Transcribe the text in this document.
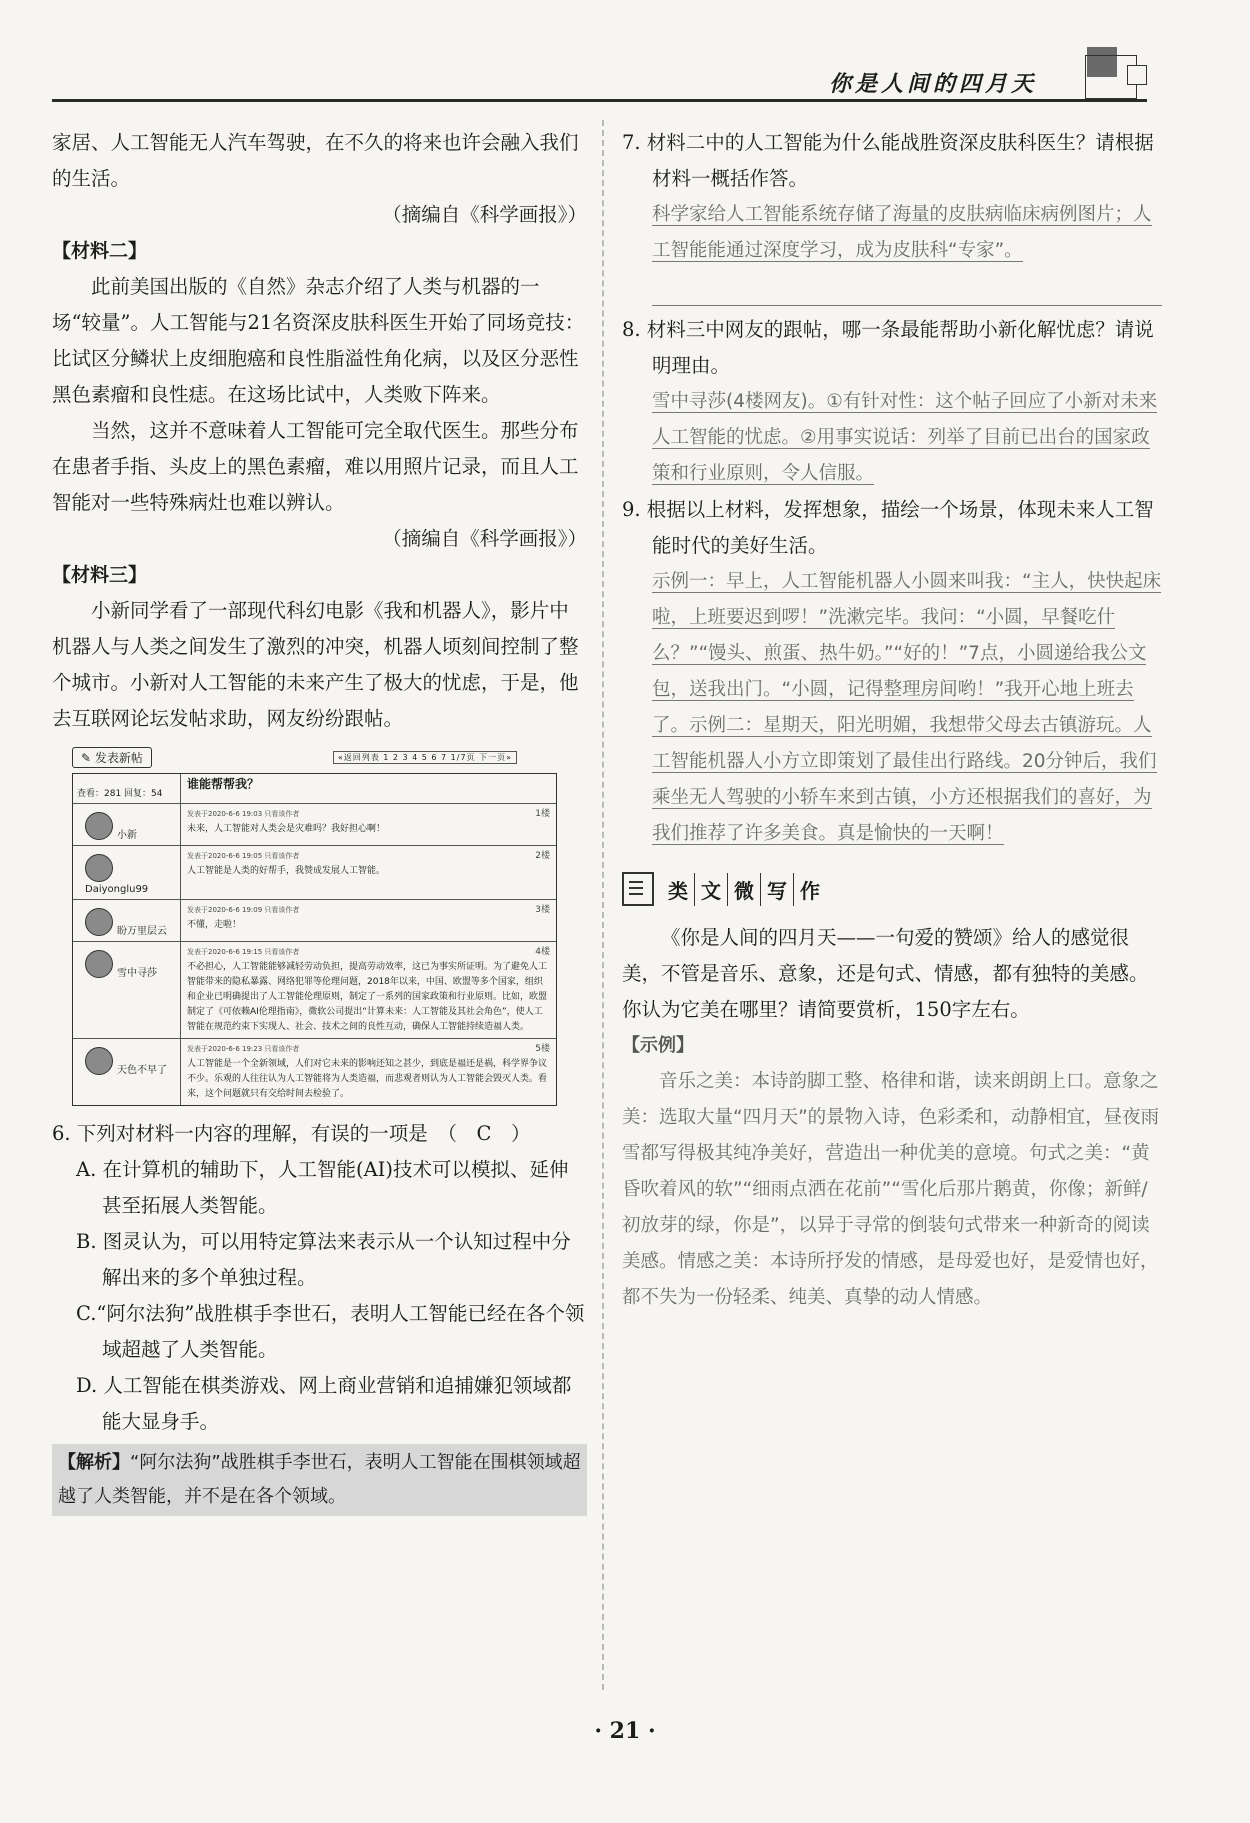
你是人间的四月天

家居、人工智能无人汽车驾驶，在不久的将来也许会融入我们的生活。

（摘编自《科学画报》）

【材料二】

此前美国出版的《自然》杂志介绍了人类与机器的一场“较量”。人工智能与21名资深皮肤科医生开始了同场竞技：比试区分鳞状上皮细胞癌和良性脂溢性角化病，以及区分恶性黑色素瘤和良性痣。在这场比试中，人类败下阵来。

当然，这并不意味着人工智能可完全取代医生。那些分布在患者手指、头皮上的黑色素瘤，难以用照片记录，而且人工智能对一些特殊病灶也难以辨认。

（摘编自《科学画报》）

【材料三】

小新同学看了一部现代科幻电影《我和机器人》，影片中机器人与人类之间发生了激烈的冲突，机器人顷刻间控制了整个城市。小新对人工智能的未来产生了极大的忧虑，于是，他去互联网论坛发帖求助，网友纷纷跟帖。

✎ 发表新帖	«返回列表 1 2 3 4 5 6 7 1/7页 下一页»
查看：281 回复：54
谁能帮帮我？
小新
发表于2020-6-6 19:03 只看该作者	1楼
未来，人工智能对人类会是灾难吗？我好担心啊！
Daiyonglu99
发表于2020-6-6 19:05 只看该作者	2楼
人工智能是人类的好帮手，我赞成发展人工智能。
盼万里层云
发表于2020-6-6 19:09 只看该作者	3楼
不懂，走啦！
雪中寻莎
发表于2020-6-6 19:15 只看该作者	4楼
不必担心，人工智能能够减轻劳动负担，提高劳动效率，这已为事实所证明。为了避免人工智能带来的隐私暴露、网络犯罪等伦理问题，2018年以来，中国、欧盟等多个国家，组织和企业已明确提出了人工智能伦理原则，制定了一系列的国家政策和行业原则。比如，欧盟制定了《可依赖AI伦理指南》，微软公司提出“计算未来：人工智能及其社会角色”，使人工智能在规范约束下实现人、社会、技术之间的良性互动，确保人工智能持续造福人类。
天色不早了
发表于2020-6-6 19:23 只看该作者	5楼
人工智能是一个全新领域，人们对它未来的影响还知之甚少，到底是福还是祸，科学界争议不少。乐观的人往往认为人工智能将为人类造福，而悲观者则认为人工智能会毁灭人类。看来，这个问题就只有交给时间去检验了。

6. 下列对材料一内容的理解，有误的一项是　（　C　）

A. 在计算机的辅助下，人工智能(AI)技术可以模拟、延伸甚至拓展人类智能。

B. 图灵认为，可以用特定算法来表示从一个认知过程中分解出来的多个单独过程。

C.“阿尔法狗”战胜棋手李世石，表明人工智能已经在各个领域超越了人类智能。

D. 人工智能在棋类游戏、网上商业营销和追捕嫌犯领域都能大显身手。

【解析】“阿尔法狗”战胜棋手李世石，表明人工智能在围棋领域超越了人类智能，并不是在各个领域。

7. 材料二中的人工智能为什么能战胜资深皮肤科医生？请根据材料一概括作答。

科学家给人工智能系统存储了海量的皮肤病临床病例图片；人工智能能通过深度学习，成为皮肤科“专家”。

8. 材料三中网友的跟帖，哪一条最能帮助小新化解忧虑？请说明理由。

雪中寻莎(4楼网友)。①有针对性：这个帖子回应了小新对未来人工智能的忧虑。②用事实说话：列举了目前已出台的国家政策和行业原则，令人信服。

9. 根据以上材料，发挥想象，描绘一个场景，体现未来人工智能时代的美好生活。

示例一：早上，人工智能机器人小圆来叫我：“主人，快快起床啦，上班要迟到啰！”洗漱完毕。我问：“小圆，早餐吃什么？”“馒头、煎蛋、热牛奶。”“好的！”7点，小圆递给我公文包，送我出门。“小圆，记得整理房间哟！”我开心地上班去了。示例二：星期天，阳光明媚，我想带父母去古镇游玩。人工智能机器人小方立即策划了最佳出行路线。20分钟后，我们乘坐无人驾驶的小轿车来到古镇，小方还根据我们的喜好，为我们推荐了许多美食。真是愉快的一天啊！

类 文 微 写 作

《你是人间的四月天——一句爱的赞颂》给人的感觉很美，不管是音乐、意象，还是句式、情感，都有独特的美感。你认为它美在哪里？请简要赏析，150字左右。

【示例】

音乐之美：本诗韵脚工整、格律和谐，读来朗朗上口。意象之美：选取大量“四月天”的景物入诗，色彩柔和，动静相宜，昼夜雨雪都写得极其纯净美好，营造出一种优美的意境。句式之美：“黄昏吹着风的软”“细雨点洒在花前”“雪化后那片鹅黄，你像；新鲜/初放芽的绿，你是”，以异于寻常的倒装句式带来一种新奇的阅读美感。情感之美：本诗所抒发的情感，是母爱也好，是爱情也好，都不失为一份轻柔、纯美、真挚的动人情感。

· 21 ·
